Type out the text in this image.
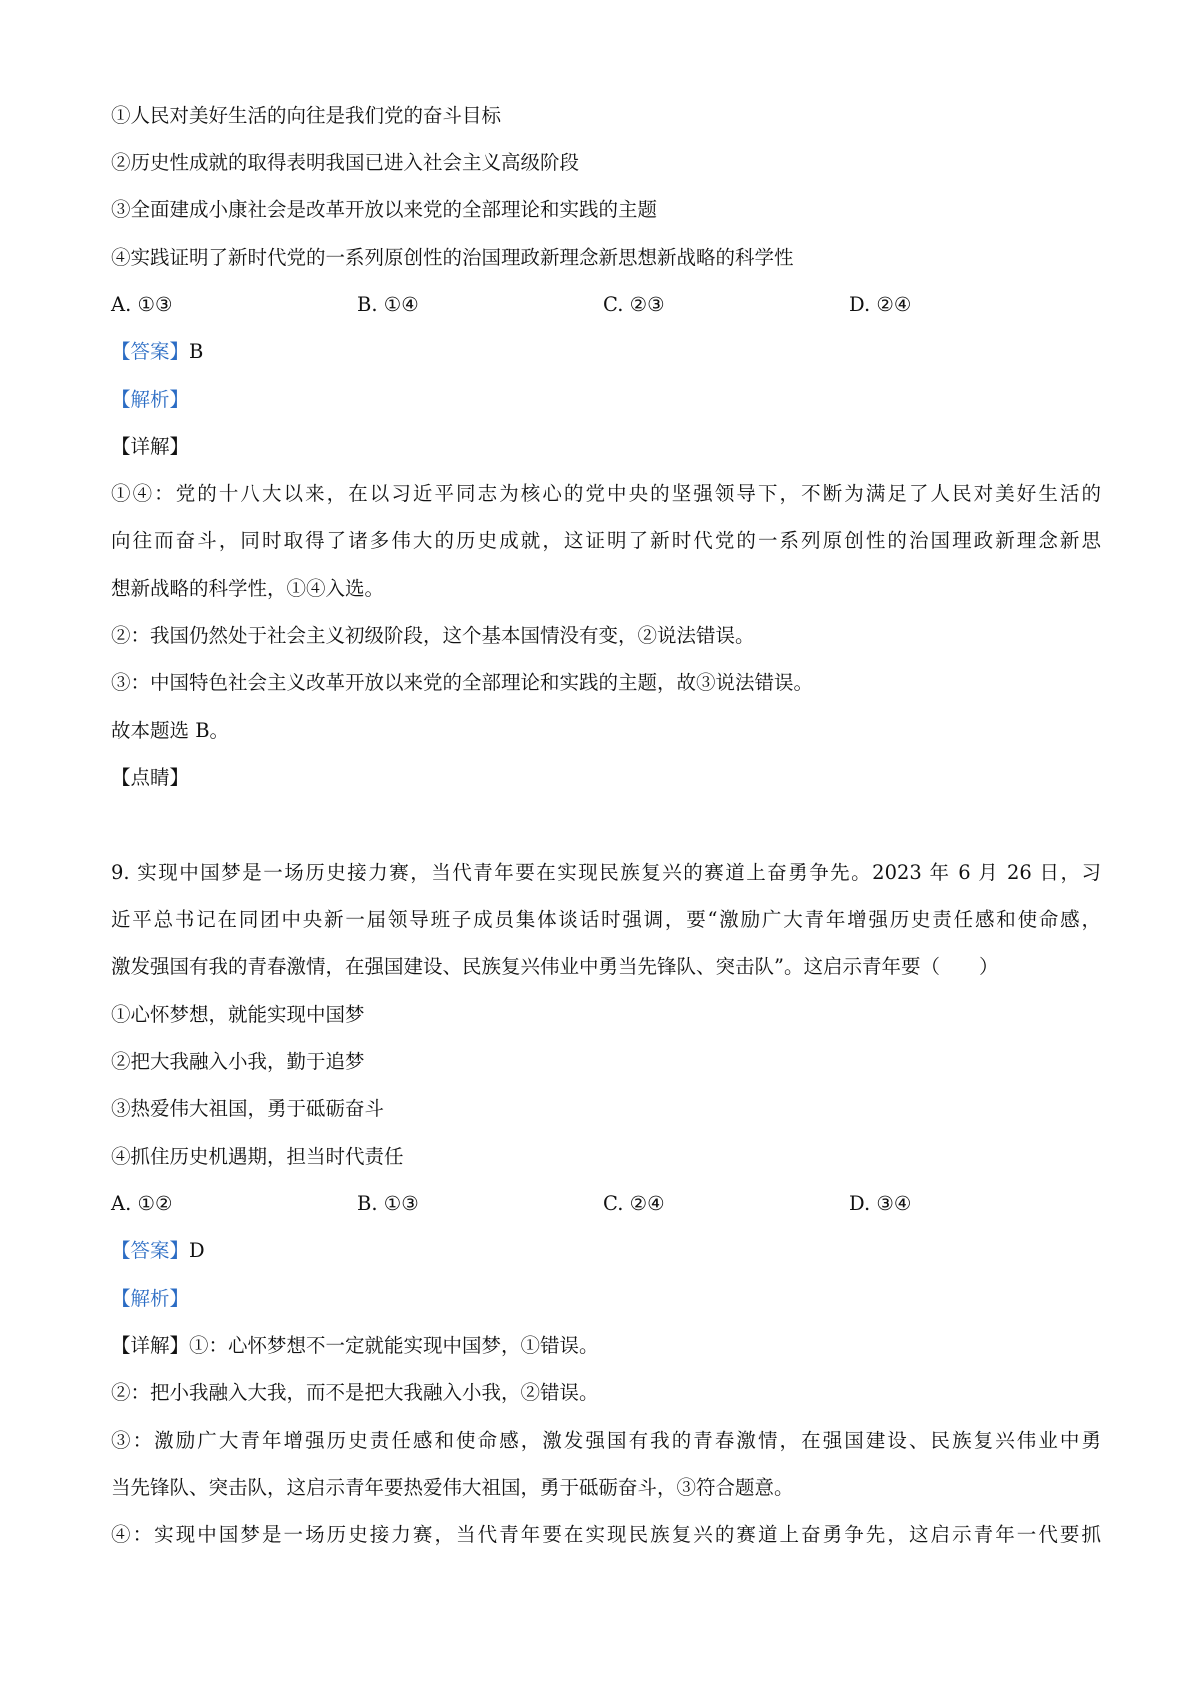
①人民对美好生活的向往是我们党的奋斗目标
②历史性成就的取得表明我国已进入社会主义高级阶段
③全面建成小康社会是改革开放以来党的全部理论和实践的主题
④实践证明了新时代党的一系列原创性的治国理政新理念新思想新战略的科学性
A. ①③	B. ①④	C. ②③	D. ②④
【答案】B
【解析】
【详解】
①④：党的十八大以来，在以习近平同志为核心的党中央的坚强领导下，不断为满足了人民对美好生活的
向往而奋斗，同时取得了诸多伟大的历史成就，这证明了新时代党的一系列原创性的治国理政新理念新思
想新战略的科学性，①④入选。
②：我国仍然处于社会主义初级阶段，这个基本国情没有变，②说法错误。
③：中国特色社会主义改革开放以来党的全部理论和实践的主题，故③说法错误。
故本题选 B。
【点睛】
9. 实现中国梦是一场历史接力赛，当代青年要在实现民族复兴的赛道上奋勇争先。2023 年 6 月 26 日，习
近平总书记在同团中央新一届领导班子成员集体谈话时强调，要“激励广大青年增强历史责任感和使命感，
激发强国有我的青春激情，在强国建设、民族复兴伟业中勇当先锋队、突击队”。这启示青年要（　　）
①心怀梦想，就能实现中国梦
②把大我融入小我，勤于追梦
③热爱伟大祖国，勇于砥砺奋斗
④抓住历史机遇期，担当时代责任
A. ①②	B. ①③	C. ②④	D. ③④
【答案】D
【解析】
【详解】①：心怀梦想不一定就能实现中国梦，①错误。
②：把小我融入大我，而不是把大我融入小我，②错误。
③：激励广大青年增强历史责任感和使命感，激发强国有我的青春激情，在强国建设、民族复兴伟业中勇
当先锋队、突击队，这启示青年要热爱伟大祖国，勇于砥砺奋斗，③符合题意。
④：实现中国梦是一场历史接力赛，当代青年要在实现民族复兴的赛道上奋勇争先，这启示青年一代要抓
